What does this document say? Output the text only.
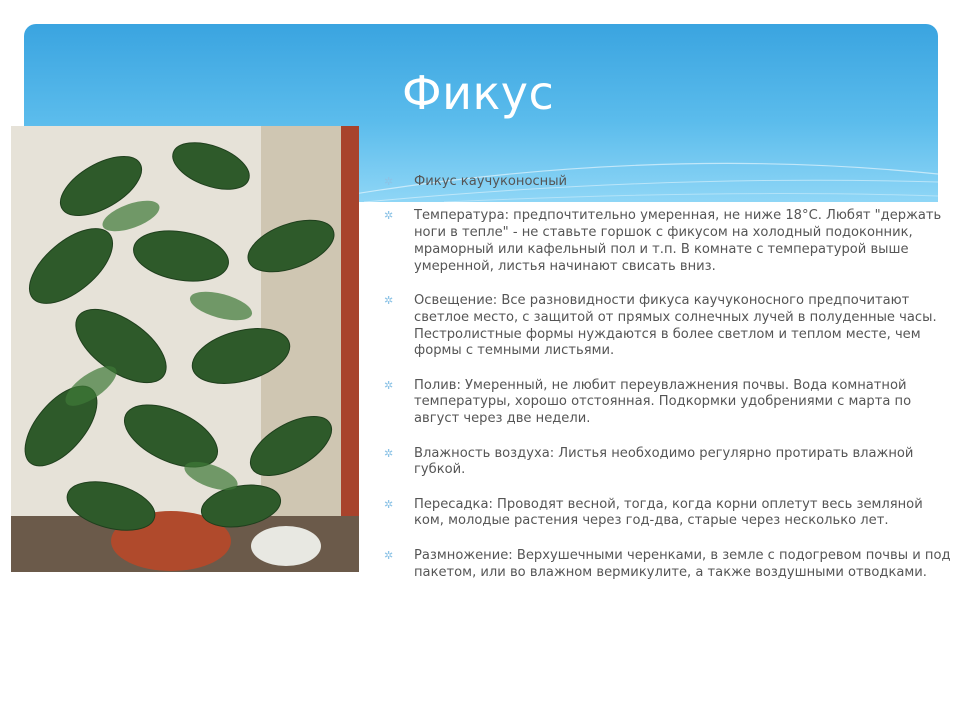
Фикус
✲ Фикус каучуконосный
✲ Температура: предпочтительно умеренная, не ниже 18°С. Любят "держать ноги в тепле" - не ставьте горшок с фикусом на холодный подоконник, мраморный или кафельный пол и т.п. В комнате с температурой выше умеренной, листья начинают свисать вниз.
✲ Освещение: Все разновидности фикуса каучуконосного предпочитают светлое место, с защитой от прямых солнечных лучей в полуденные часы. Пестролистные формы нуждаются в более светлом и теплом месте, чем формы с темными листьями.
✲ Полив: Умеренный, не любит переувлажнения почвы. Вода комнатной температуры, хорошо отстоянная. Подкормки удобрениями с марта по август через две недели.
✲ Влажность воздуха: Листья необходимо регулярно протирать влажной губкой.
✲ Пересадка: Проводят весной, тогда, когда корни оплетут весь земляной ком, молодые растения через год-два, старые через несколько лет.
✲ Размножение: Верхушечными черенками, в земле с подогревом почвы и под пакетом, или во влажном вермикулите, а также воздушными отводками.
